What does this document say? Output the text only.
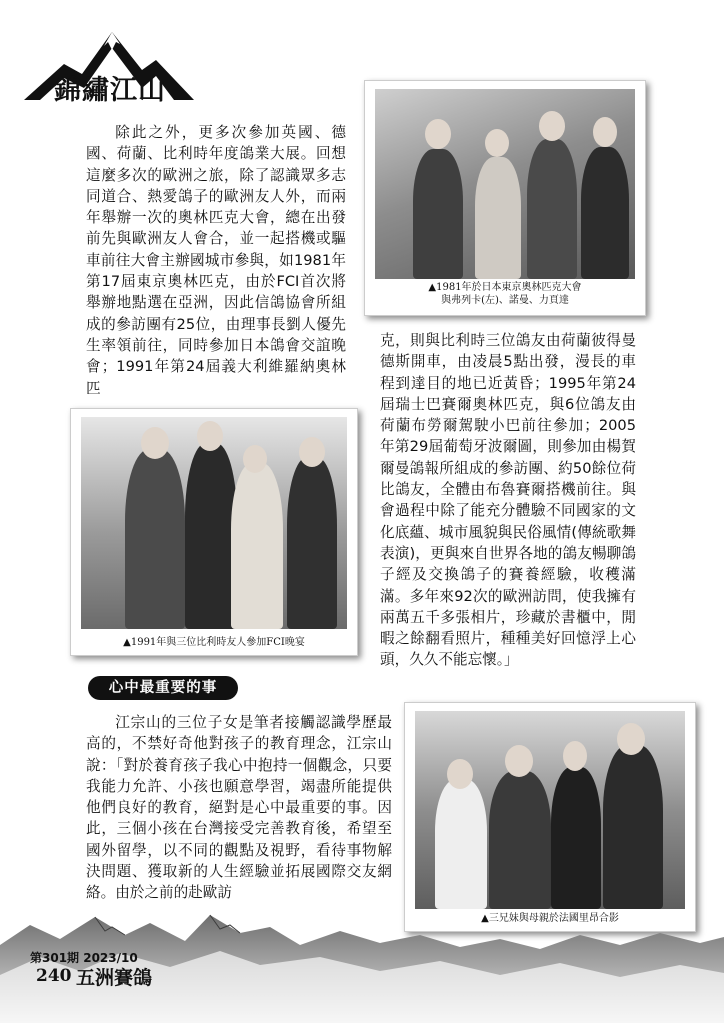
錦繡江山

除此之外，更多次參加英國、德國、荷蘭、比利時年度鴿業大展。回想這麼多次的歐洲之旅，除了認識眾多志同道合、熱愛鴿子的歐洲友人外，而兩年舉辦一次的奧林匹克大會，總在出發前先與歐洲友人會合，並一起搭機或驅車前往大會主辦國城市參與，如1981年第17屆東京奧林匹克，由於FCI首次將舉辦地點選在亞洲，因此信鴿協會所組成的參訪團有25位，由理事長劉人優先生率領前往，同時參加日本鴿會交誼晚會；1991年第24屆義大利維羅納奧林匹

▲1981年於日本東京奧林匹克大會
與弗列卡(左)、諾曼、力頁達

克，則與比利時三位鴿友由荷蘭彼得曼德斯開車，由凌晨5點出發，漫長的車程到達目的地已近黃昏；1995年第24屆瑞士巴賽爾奧林匹克，與6位鴿友由荷蘭布勞爾駕駛小巴前往參加；2005年第29屆葡萄牙波爾圖，則參加由楊賀爾曼鴿報所組成的參訪團、約50餘位荷比鴿友，全體由布魯賽爾搭機前往。與會過程中除了能充分體驗不同國家的文化底蘊、城市風貌與民俗風情(傳統歌舞表演)，更與來自世界各地的鴿友暢聊鴿子經及交換鴿子的賽養經驗，收穫滿滿。多年來92次的歐洲訪問，使我擁有兩萬五千多張相片，珍藏於書櫃中，閒暇之餘翻看照片，種種美好回憶浮上心頭，久久不能忘懷。」

▲1991年與三位比利時友人參加FCI晚宴
心中最重要的事

江宗山的三位子女是筆者接觸認識學歷最高的，不禁好奇他對孩子的教育理念，江宗山說：「對於養育孩子我心中抱持一個觀念，只要我能力允許、小孩也願意學習，竭盡所能提供他們良好的教育，絕對是心中最重要的事。因此，三個小孩在台灣接受完善教育後，希望至國外留學，以不同的觀點及視野，看待事物解決問題、獲取新的人生經驗並拓展國際交友網絡。由於之前的赴歐訪

▲三兄妹與母親於法國里昂合影
第301期 2023/10
240 五洲賽鴿
